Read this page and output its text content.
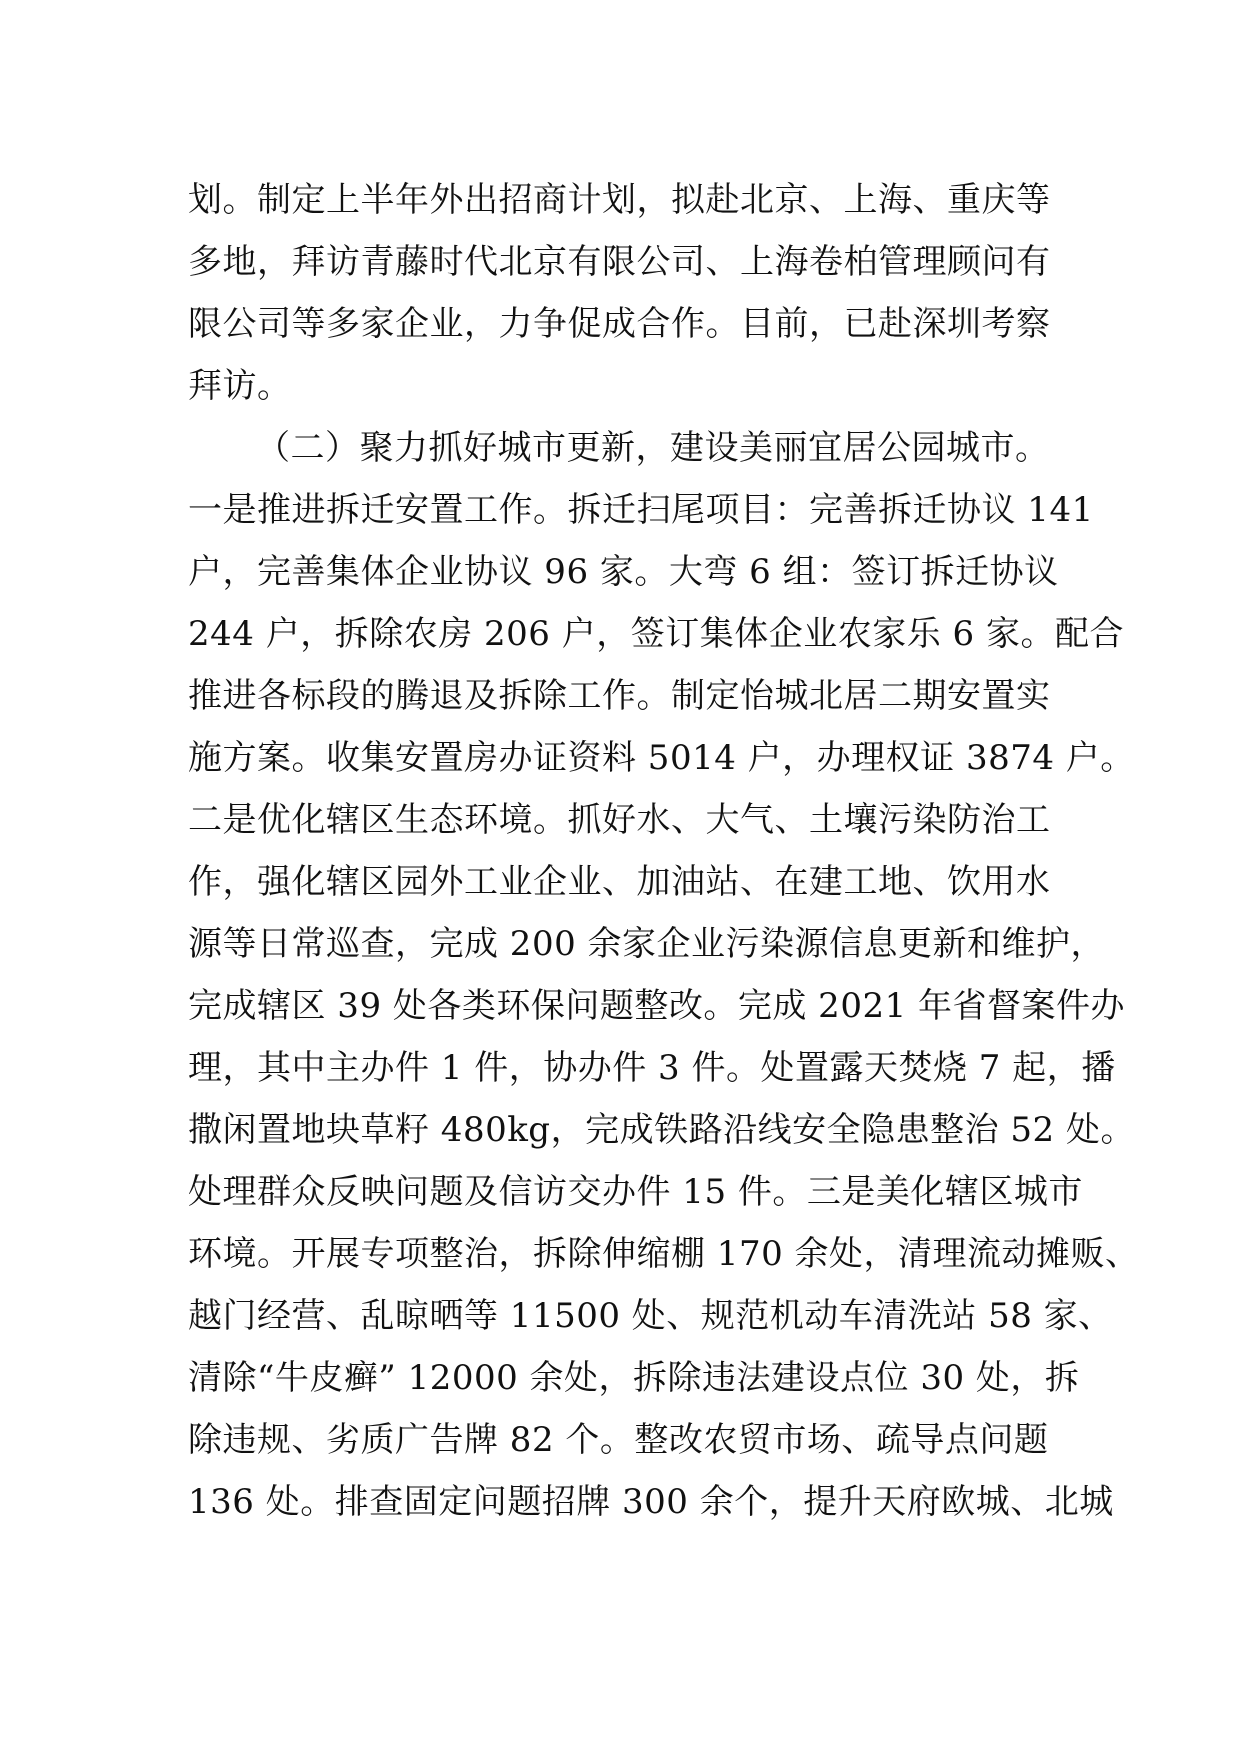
划。制定上半年外出招商计划，拟赴北京、上海、重庆等
多地，拜访青藤时代北京有限公司、上海卷柏管理顾问有
限公司等多家企业，力争促成合作。目前，已赴深圳考察
拜访。
（二）聚力抓好城市更新，建设美丽宜居公园城市。
一是推进拆迁安置工作。拆迁扫尾项目：完善拆迁协议 141
户，完善集体企业协议 96 家。大弯 6 组：签订拆迁协议
244 户，拆除农房 206 户，签订集体企业农家乐 6 家。配合
推进各标段的腾退及拆除工作。制定怡城北居二期安置实
施方案。收集安置房办证资料 5014 户，办理权证 3874 户。
二是优化辖区生态环境。抓好水、大气、土壤污染防治工
作，强化辖区园外工业企业、加油站、在建工地、饮用水
源等日常巡查，完成 200 余家企业污染源信息更新和维护，
完成辖区 39 处各类环保问题整改。完成 2021 年省督案件办
理，其中主办件 1 件，协办件 3 件。处置露天焚烧 7 起，播
撒闲置地块草籽 480kg，完成铁路沿线安全隐患整治 52 处。
处理群众反映问题及信访交办件 15 件。三是美化辖区城市
环境。开展专项整治，拆除伸缩棚 170 余处，清理流动摊贩、
越门经营、乱晾晒等 11500 处、规范机动车清洗站 58 家、
清除“牛皮癣” 12000 余处，拆除违法建设点位 30 处，拆
除违规、劣质广告牌 82 个。整改农贸市场、疏导点问题
136 处。排查固定问题招牌 300 余个，提升天府欧城、北城
